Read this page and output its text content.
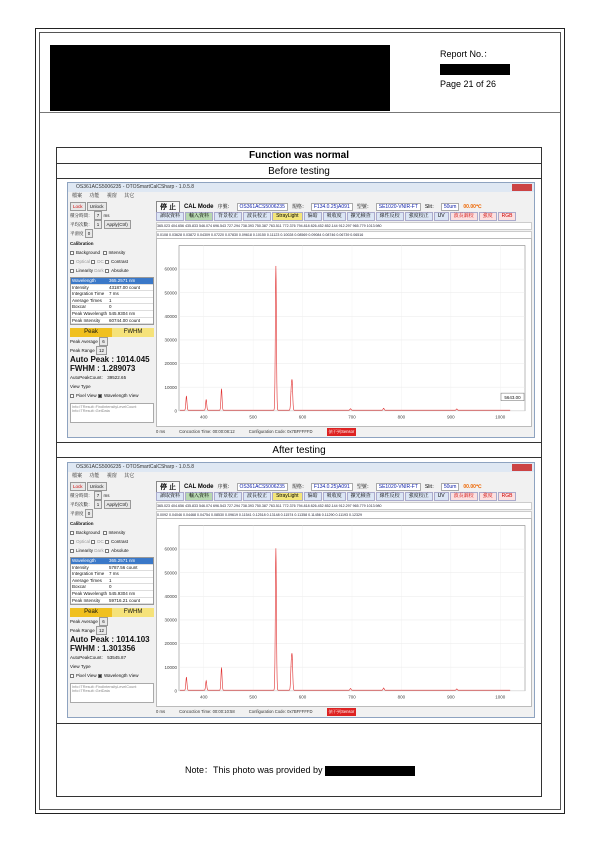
Report No.：
Page 21 of 26
Function was normal
Before testing
OS361ACS5006235 - OTOSmartCalCSharp - 1.0.5.8
檔案 功能 視窗 其它
Lock Unlock
積分時間： 7 ms
平均次數： 1 Apply(Ctrl)
平滑度 0
Calibration
Background Intensity
Optical DC Contrast
Linearity Dark Absolute
Wavelength	365.2571 nm
Intensity	43187.00 count
Integration Time	7 ms
Average Times	1
Boxcar	0
Peak Wavelength 545.9304 nm
Peak Intensity	60744.00 count
Peak	FWHM
Peak Average 6
Peak Range 12
Auto Peak : 1014.045
FWHM : 1.289073
AutoPeakCount： 39522.65
View Type
Pixel View Wavelength View
Info:ITResult::FindIntensityLevelCount
Info:ITResult::GetData
停 止	CAL Mode 序號：	OS361ACS5006235	規格：	F134.0.25)A091	型號：	SE1020-VNIR-FT	Slit：	50um	00.00℃
讀取資料	輸入資料	背景校正	波長校正	StrayLight	偏暗	吸收度	擴光檢查	線性反校	強度校正	UV	波長調校	強度	RGB
365.023 404.656 435.833 546.074 696.543 727.294 738.393 750.387 763.511 772.376 794.818 826.452 852.144 912.297 965.779 1013.980
0.0108 0.03628 0.03872 0.04309 0.07220 0.07830 0.09618 0.10150 0.11123 0.10028 0.08569 0.09084 0.08746 0.06739 0.06516
0
10000
20000
30000
40000
50000
60000
400	500	600	700	800	900	1000
5643.00
0 ms	Concoction Time: 00:00:08:12	Configuration Code: 0x7BFFFFFD	偵不到Sensor
After testing
OS361ACS5006235 - OTOSmartCalCSharp - 1.0.5.8
檔案 功能 視窗 其它
Lock Unlock
積分時間： 7 ms
平均次數： 1 Apply(Ctrl)
平滑度 0
Calibration
Background Intensity
Optical DC Contrast
Linearity Dark Absolute
Wavelength	365.2571 nm
Intensity	5787.56 count
Integration Time	7 ms
Average Times	1
Boxcar	0
Peak Wavelength 545.9304 nm
Peak Intensity	59716.21 count
Peak	FWHM
Peak Average 6
Peak Range 12
Auto Peak : 1014.103
FWHM : 1.301356
AutoPeakCount： 53545.87
View Type
Pixel View Wavelength View
Info:ITResult::FindIntensityLevelCount
Info:ITResult::GetData
停 止	CAL Mode 序號：	OS361ACS5006235	規格：	F134.0.25)A091	型號：	SE1020-VNIR-FT	Slit：	50um	00.00℃
讀取資料	輸入資料	背景校正	波長校正	StrayLight	偏暗	吸收度	擴光檢查	線性反校	強度校正	UV	波長調校	強度	RGB
365.023 404.656 435.833 546.074 696.543 727.294 738.393 750.387 763.511 772.376 794.818 826.452 852.144 912.297 965.779 1013.980
0.0092 0.04046 0.04468 0.04754 0.08530 0.09619 0.11541 0.12518 0.13148 0.11574 0.11358 0.11456 0.11290 0.11193 0.12329
0
10000
20000
30000
40000
50000
60000
400	500	600	700	800	900	1000
0 ms	Concoction Time: 00:00:10:58	Configuration Code: 0x7BFFFFFD	偵不到Sensor
Note：This photo was provided by
